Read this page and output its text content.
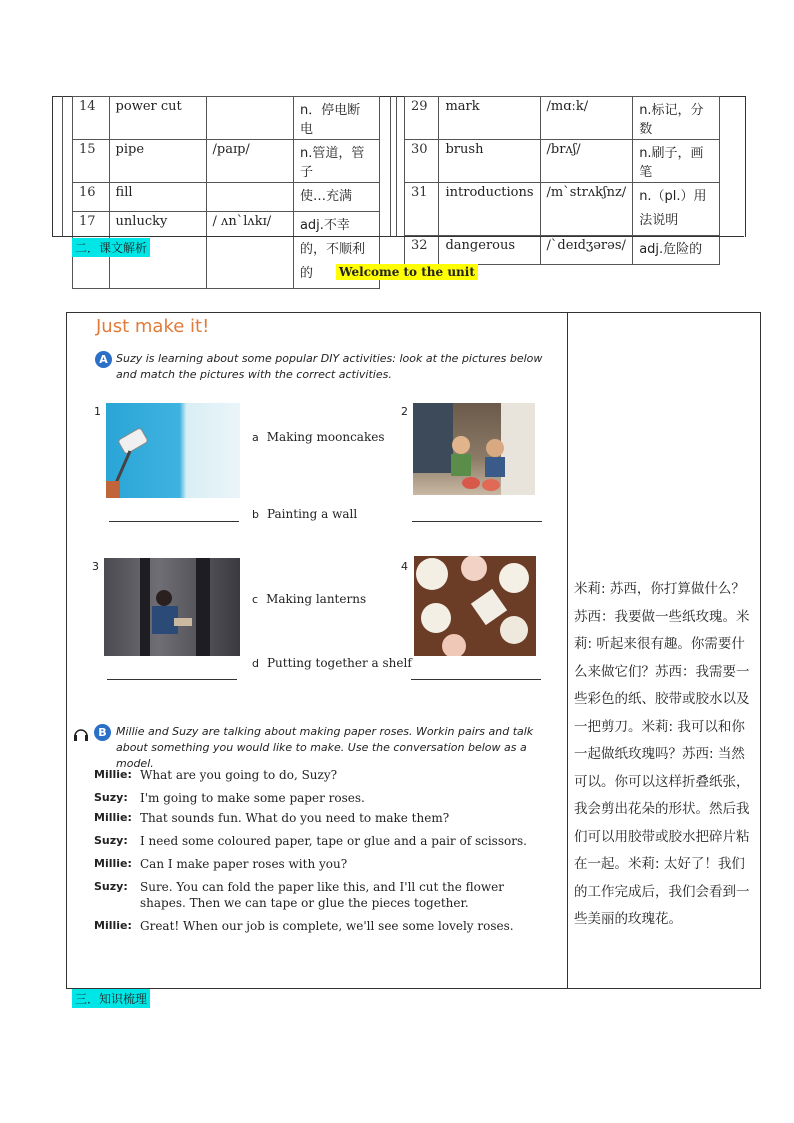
14	power cut		n．停电断电
15	pipe	/paɪp/	n.管道，管子
16	fill		使…充满
17	unlucky	/ ʌnˋlʌkɪ/	adj.不幸的，不顺利的
29	mark	/mɑːk/	n.标记，分数
30	brush	/brʌʃ/	n.刷子，画笔
31	introductions	/mˋstrʌkʃnz/	n.（pl.）用法说明
32	dangerous	/ˋdeɪdʒərəs/	adj.危险的
二．课文解析
Welcome to the unit
Just make it!
A Suzy is learning about some popular DIY activities: look at the pictures below and match the pictures with the correct activities.
1	2
3	4
a Making mooncakes
b Painting a wall
c Making lanterns
d Putting together a shelf
B Millie and Suzy are talking about making paper roses. Workin pairs and talk about something you would like to make. Use the conversation below as a model.
Millie: What are you going to do, Suzy?
Suzy: I'm going to make some paper roses.
Millie: That sounds fun. What do you need to make them?
Suzy: I need some coloured paper, tape or glue and a pair of scissors.
Millie: Can I make paper roses with you?
Suzy: Sure. You can fold the paper like this, and I'll cut the flower shapes. Then we can tape or glue the pieces together.
Millie: Great! When our job is complete, we'll see some lovely roses.
米莉: 苏西，你打算做什么？苏西：我要做一些纸玫瑰。米莉: 听起来很有趣。你需要什么来做它们？苏西：我需要一些彩色的纸、胶带或胶水以及一把剪刀。米莉: 我可以和你一起做纸玫瑰吗？苏西: 当然可以。你可以这样折叠纸张，我会剪出花朵的形状。然后我们可以用胶带或胶水把碎片粘在一起。米莉: 太好了！我们的工作完成后，我们会看到一些美丽的玫瑰花。
三．知识梳理
